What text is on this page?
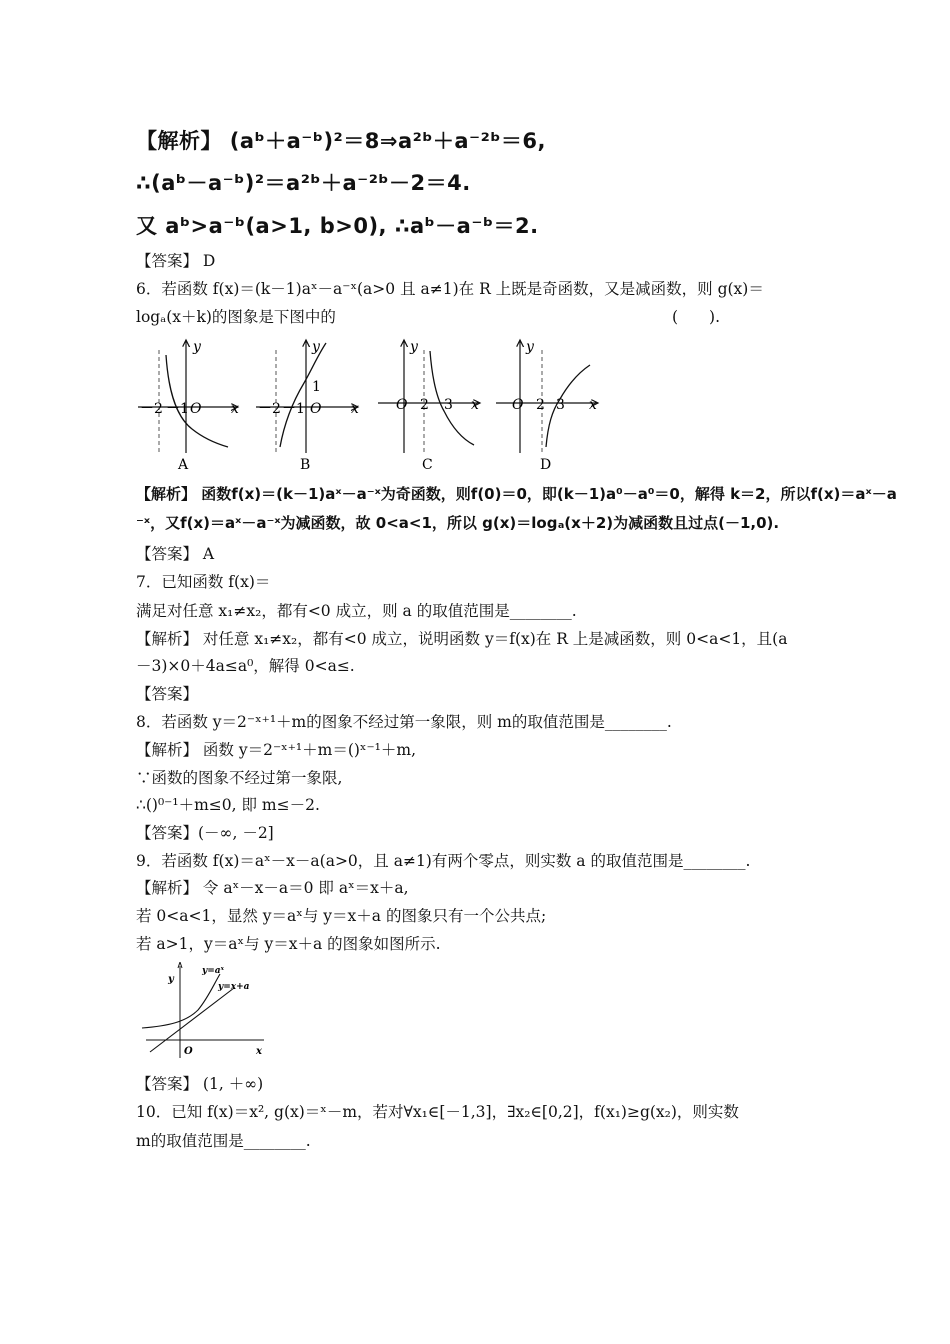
【解析】 (aᵇ＋a⁻ᵇ)²＝8⇒a²ᵇ＋a⁻²ᵇ＝6,
∴(aᵇ－a⁻ᵇ)²＝a²ᵇ＋a⁻²ᵇ－2＝4.
又 aᵇ>a⁻ᵇ(a>1, b>0), ∴aᵇ－a⁻ᵇ＝2.
【答案】 D
6．若函数 f(x)＝(k－1)aˣ－a⁻ˣ(a>0 且 a≠1)在 R 上既是奇函数，又是减函数，则 g(x)＝
logₐ(x＋k)的图象是下图中的	(　　).
－2 －1 O x
y
A
－2 －1 O
1
x
y
B
O 2 3 x
y
C
O 2 3 x
y
D
【解析】 函数f(x)＝(k－1)aˣ－a⁻ˣ为奇函数，则f(0)＝0，即(k－1)a⁰－a⁰＝0，解得 k＝2，所以f(x)＝aˣ－a
⁻ˣ，又f(x)＝aˣ－a⁻ˣ为减函数，故 0<a<1，所以 g(x)＝logₐ(x＋2)为减函数且过点(－1,0).
【答案】 A
7．已知函数 f(x)＝
满足对任意 x₁≠x₂，都有<0 成立，则 a 的取值范围是________.
【解析】 对任意 x₁≠x₂，都有<0 成立，说明函数 y＝f(x)在 R 上是减函数，则 0<a<1，且(a
－3)×0＋4a≤a⁰，解得 0<a≤.
【答案】
8．若函数 y＝2⁻ˣ⁺¹＋m的图象不经过第一象限，则 m的取值范围是________.
【解析】 函数 y＝2⁻ˣ⁺¹＋m＝()ˣ⁻¹＋m,
∵函数的图象不经过第一象限,
∴()⁰⁻¹＋m≤0, 即 m≤－2.
【答案】(－∞, －2]
9．若函数 f(x)＝aˣ－x－a(a>0，且 a≠1)有两个零点，则实数 a 的取值范围是________.
【解析】 令 aˣ－x－a＝0 即 aˣ＝x＋a,
若 0<a<1，显然 y＝aˣ与 y＝x＋a 的图象只有一个公共点;
若 a>1，y＝aˣ与 y＝x＋a 的图象如图所示.
y=aˣ
y=x+a
y
x
O
【答案】 (1, ＋∞)
10．已知 f(x)＝x², g(x)＝ˣ－m，若对∀x₁∈[－1,3]，∃x₂∈[0,2]，f(x₁)≥g(x₂)，则实数
m的取值范围是________.
